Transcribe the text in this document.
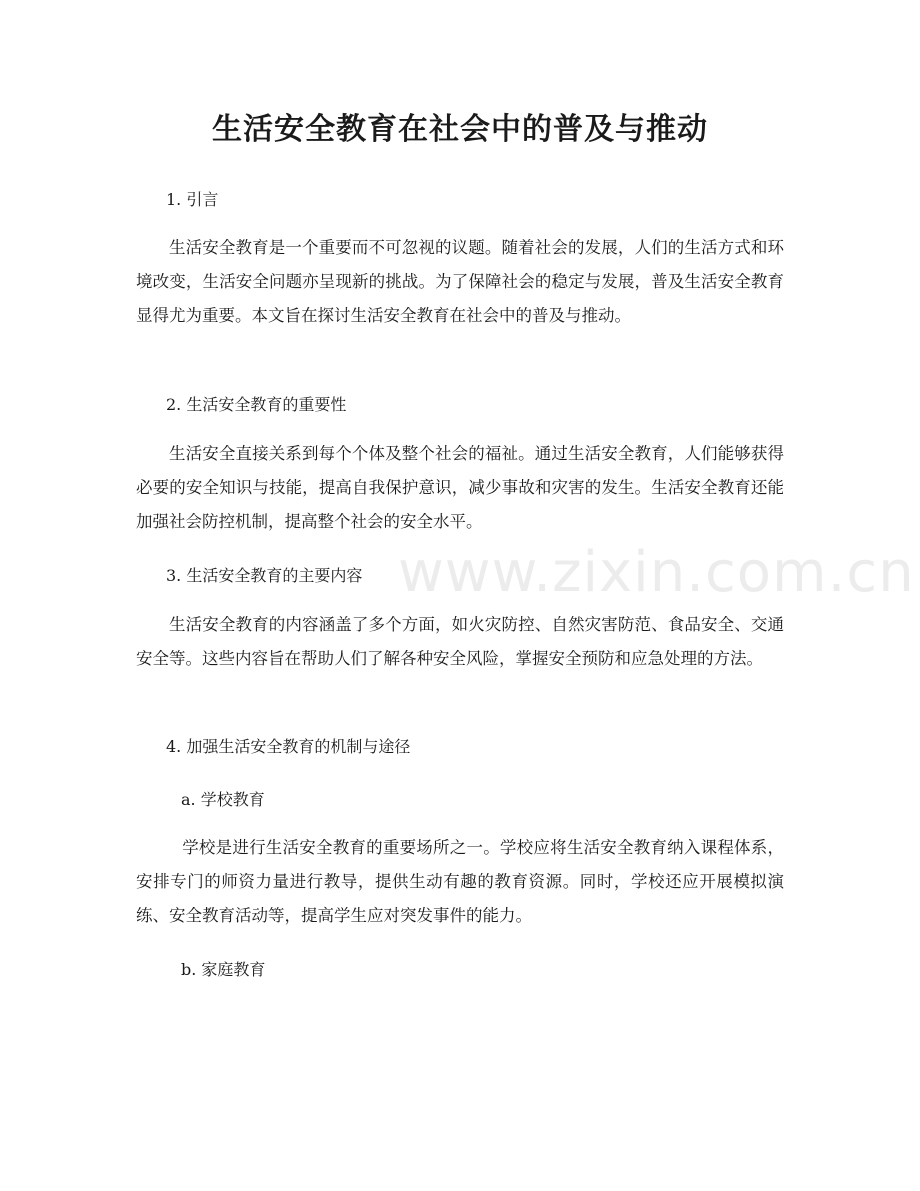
生活安全教育在社会中的普及与推动

1. 引言

生活安全教育是一个重要而不可忽视的议题。随着社会的发展，人们的生活方式和环境改变，生活安全问题亦呈现新的挑战。为了保障社会的稳定与发展，普及生活安全教育显得尤为重要。本文旨在探讨生活安全教育在社会中的普及与推动。

2. 生活安全教育的重要性

生活安全直接关系到每个个体及整个社会的福祉。通过生活安全教育，人们能够获得必要的安全知识与技能，提高自我保护意识，减少事故和灾害的发生。生活安全教育还能加强社会防控机制，提高整个社会的安全水平。

3. 生活安全教育的主要内容

生活安全教育的内容涵盖了多个方面，如火灾防控、自然灾害防范、食品安全、交通安全等。这些内容旨在帮助人们了解各种安全风险，掌握安全预防和应急处理的方法。

4. 加强生活安全教育的机制与途径

a. 学校教育

学校是进行生活安全教育的重要场所之一。学校应将生活安全教育纳入课程体系，安排专门的师资力量进行教导，提供生动有趣的教育资源。同时，学校还应开展模拟演练、安全教育活动等，提高学生应对突发事件的能力。

b. 家庭教育

www.zixin.com.cn
